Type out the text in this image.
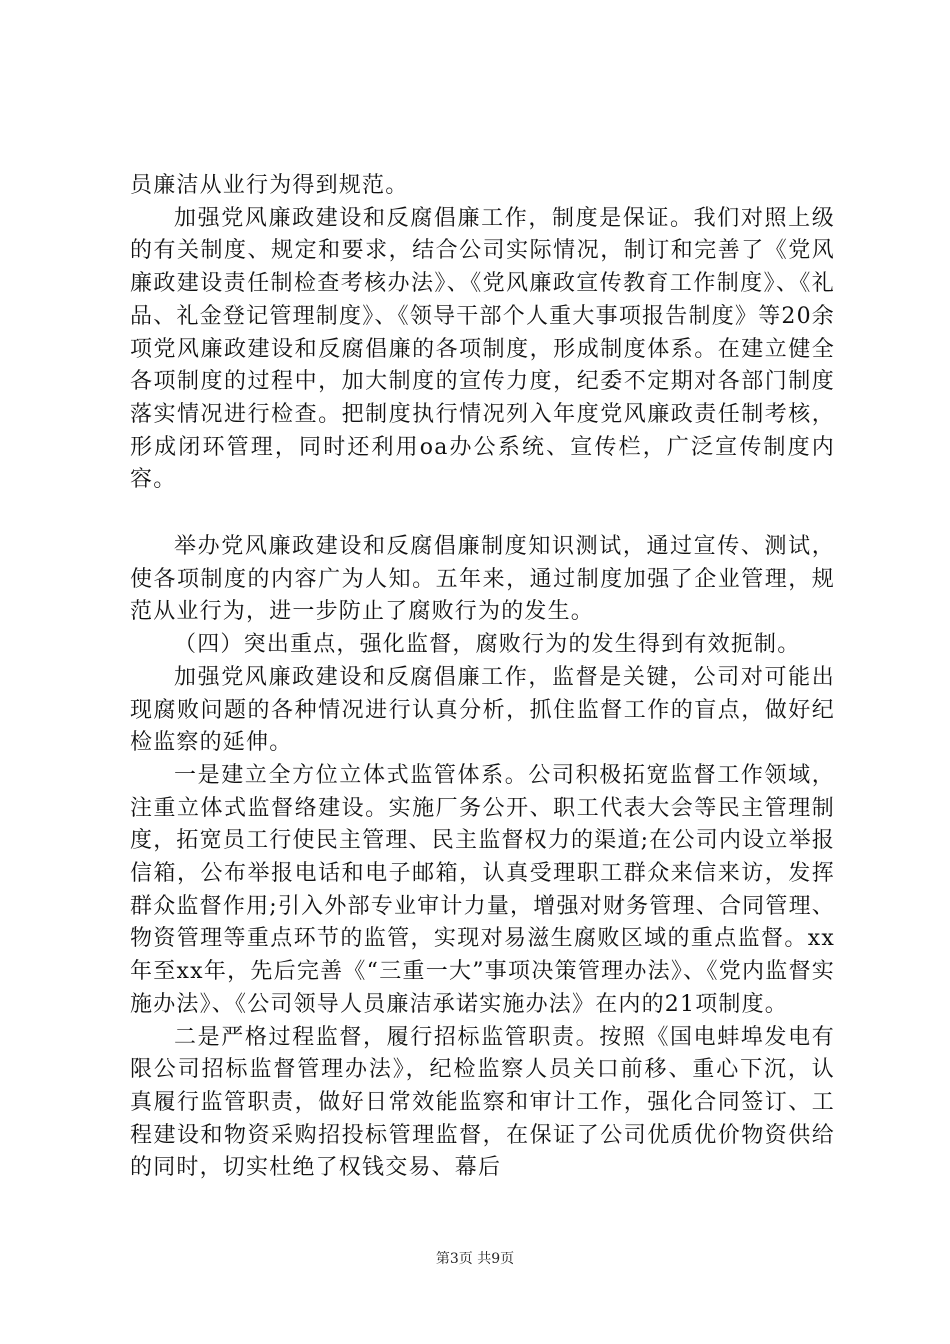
员廉洁从业行为得到规范。

加强党风廉政建设和反腐倡廉工作，制度是保证。我们对照上级的有关制度、规定和要求，结合公司实际情况，制订和完善了《党风廉政建设责任制检查考核办法》、《党风廉政宣传教育工作制度》、《礼品、礼金登记管理制度》、《领导干部个人重大事项报告制度》等20余项党风廉政建设和反腐倡廉的各项制度，形成制度体系。在建立健全各项制度的过程中，加大制度的宣传力度，纪委不定期对各部门制度落实情况进行检查。把制度执行情况列入年度党风廉政责任制考核，形成闭环管理，同时还利用oa办公系统、宣传栏，广泛宣传制度内容。

举办党风廉政建设和反腐倡廉制度知识测试，通过宣传、测试，使各项制度的内容广为人知。五年来，通过制度加强了企业管理，规范从业行为，进一步防止了腐败行为的发生。

（四）突出重点，强化监督，腐败行为的发生得到有效扼制。

加强党风廉政建设和反腐倡廉工作，监督是关键，公司对可能出现腐败问题的各种情况进行认真分析，抓住监督工作的盲点，做好纪检监察的延伸。

一是建立全方位立体式监管体系。公司积极拓宽监督工作领域，注重立体式监督络建设。实施厂务公开、职工代表大会等民主管理制度，拓宽员工行使民主管理、民主监督权力的渠道;在公司内设立举报信箱，公布举报电话和电子邮箱，认真受理职工群众来信来访，发挥群众监督作用;引入外部专业审计力量，增强对财务管理、合同管理、物资管理等重点环节的监管，实现对易滋生腐败区域的重点监督。xx年至xx年，先后完善《“三重一大”事项决策管理办法》、《党内监督实施办法》、《公司领导人员廉洁承诺实施办法》在内的21项制度。

二是严格过程监督，履行招标监管职责。按照《国电蚌埠发电有限公司招标监督管理办法》，纪检监察人员关口前移、重心下沉，认真履行监管职责，做好日常效能监察和审计工作，强化合同签订、工程建设和物资采购招投标管理监督，在保证了公司优质优价物资供给的同时，切实杜绝了权钱交易、幕后

第3页 共9页
